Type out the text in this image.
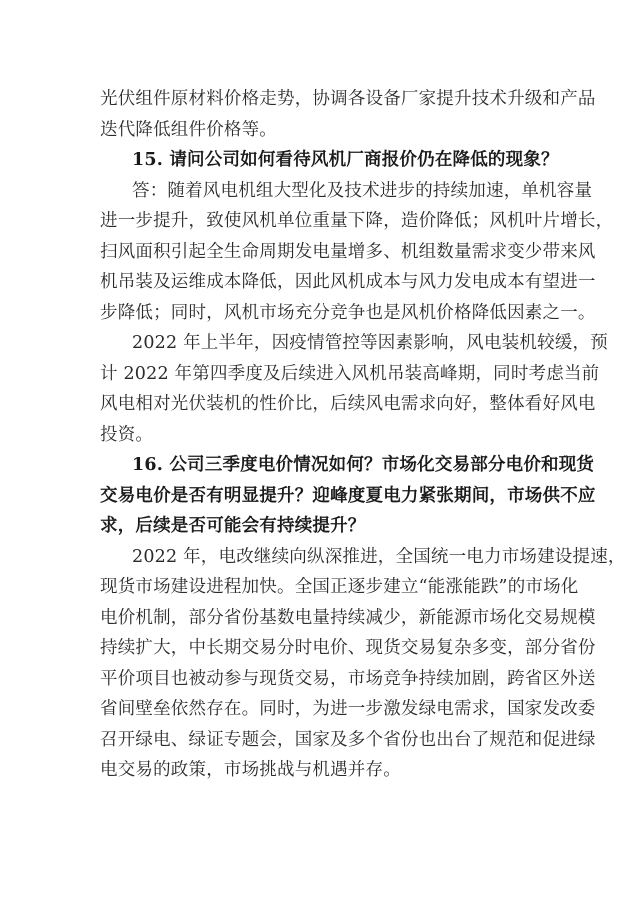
光伏组件原材料价格走势，协调各设备厂家提升技术升级和产品
迭代降低组件价格等。
15. 请问公司如何看待风机厂商报价仍在降低的现象？
答：随着风电机组大型化及技术进步的持续加速，单机容量
进一步提升，致使风机单位重量下降，造价降低；风机叶片增长，
扫风面积引起全生命周期发电量增多、机组数量需求变少带来风
机吊装及运维成本降低，因此风机成本与风力发电成本有望进一
步降低；同时，风机市场充分竞争也是风机价格降低因素之一。
2022 年上半年，因疫情管控等因素影响，风电装机较缓，预
计 2022 年第四季度及后续进入风机吊装高峰期，同时考虑当前
风电相对光伏装机的性价比，后续风电需求向好，整体看好风电
投资。
16. 公司三季度电价情况如何？市场化交易部分电价和现货
交易电价是否有明显提升？迎峰度夏电力紧张期间，市场供不应
求，后续是否可能会有持续提升？
2022 年，电改继续向纵深推进，全国统一电力市场建设提速，
现货市场建设进程加快。全国正逐步建立“能涨能跌”的市场化
电价机制，部分省份基数电量持续减少，新能源市场化交易规模
持续扩大，中长期交易分时电价、现货交易复杂多变，部分省份
平价项目也被动参与现货交易，市场竞争持续加剧，跨省区外送
省间壁垒依然存在。同时，为进一步激发绿电需求，国家发改委
召开绿电、绿证专题会，国家及多个省份也出台了规范和促进绿
电交易的政策，市场挑战与机遇并存。
